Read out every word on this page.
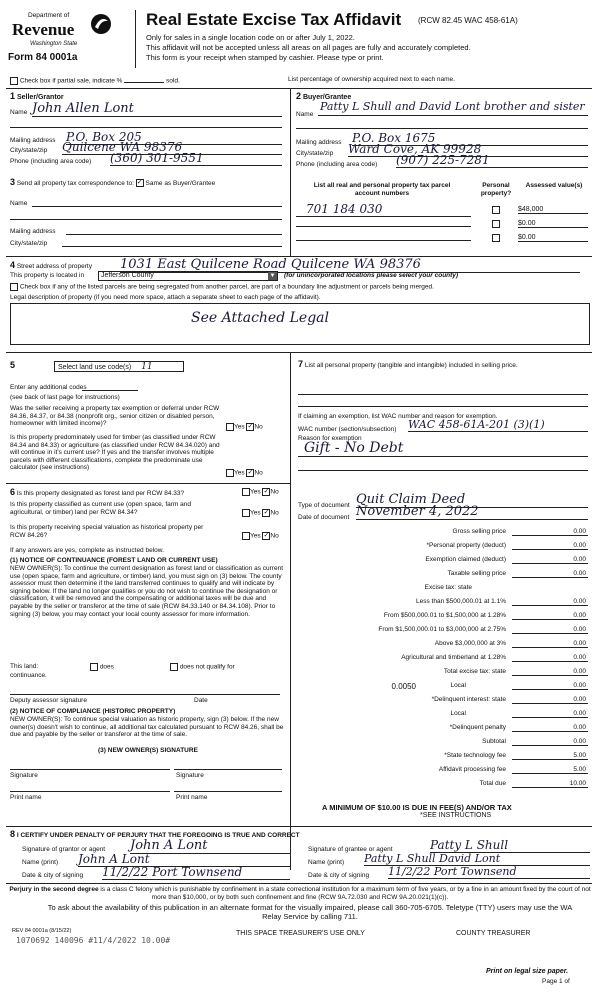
Department of
Revenue
Washington State
Form 84 0001a
Real Estate Excise Tax Affidavit (RCW 82.45 WAC 458-61A)
Only for sales in a single location code on or after July 1, 2022.
This affidavit will not be accepted unless all areas on all pages are fully and accurately completed.
This form is your receipt when stamped by cashier. Please type or print.
Check box if partial sale, indicate %	sold.	List percentage of ownership acquired next to each name.
1 Seller/Grantor
Name John Allen Lont
Mailing address P.O. Box 205
City/state/zip Quilcene WA 98376
Phone (including area code) (360) 301-9551
2 Buyer/Grantee
Name
Patty L Shull and David Lont brother and sister
Mailing address P.O. Box 1675
City/state/zip Ward Cove, AK 99928
Phone (including area code) (907) 225-7281
3 Send all property tax correspondence to: ✓ Same as Buyer/Grantee
Name
Mailing address
City/state/zip
List all real and personal property tax parcel account numbers
Personal property?
Assessed value(s)
701 184 030	$48,000
$0.00
$0.00
4 Street address of property 1031 East Quilcene Road Quilcene WA 98376
This property is located in	Jefferson County	▼ (for unincorporated locations please select your county)
Check box if any of the listed parcels are being segregated from another parcel, are part of a boundary line adjustment or parcels being merged.
Legal description of property (if you need more space, attach a separate sheet to each page of the affidavit).
See Attached Legal
5	Select land use code(s) 11
Enter any additional codes
(see back of last page for instructions)
Was the seller receiving a property tax exemption or deferral under RCW 84.36, 84.37, or 84.38 (nonprofit org., senior citizen or disabled person, homeowner with limited income)?
Yes ✓No
Is this property predominately used for timber (as classified under RCW 84.34 and 84.33) or agriculture (as classified under RCW 84.34.020) and will continue in it's current use? If yes and the transfer involves multiple parcels with different classifications, complete the predominate use calculator (see instructions)
Yes ✓No
6 Is this property designated as forest land per RCW 84.33?	Yes ✓No
Is this property classified as current use (open space, farm and agricultural, or timber) land per RCW 84.34?	Yes ✓No
Is this property receiving special valuation as historical property per RCW 84.26?	Yes ✓No
If any answers are yes, complete as instructed below.
(1) NOTICE OF CONTINUANCE (FOREST LAND OR CURRENT USE)
NEW OWNER(S): To continue the current designation as forest land or classification as current use (open space, farm and agriculture, or timber) land, you must sign on (3) below. The county assessor must then determine if the land transferred continues to qualify and will indicate by signing below. If the land no longer qualifies or you do not wish to continue the designation or classification, it will be removed and the compensating or additional taxes will be due and payable by the seller or transferor at the time of sale (RCW 84.33.140 or 84.34.108). Prior to signing (3) below, you may contact your local county assessor for more information.
This land:	does	does not qualify for
continuance.
Deputy assessor signature	Date
(2) NOTICE OF COMPLIANCE (HISTORIC PROPERTY)
NEW OWNER(S): To continue special valuation as historic property, sign (3) below. If the new owner(s) doesn't wish to continue, all additional tax calculated pursuant to RCW 84.26, shall be due and payable by the seller or transferor at the time of sale.
(3) NEW OWNER(S) SIGNATURE
Signature	Signature
Print name	Print name
7 List all personal property (tangible and intangible) included in selling price.
If claiming an exemption, list WAC number and reason for exemption.
WAC number (section/subsection) WAC 458-61A-201 (3)(1)
Reason for exemption
Gift - No Debt
Type of document Quit Claim Deed
Date of document November 4, 2022
Gross selling price	0.00
*Personal property (deduct)	0.00
Exemption claimed (deduct)	0.00
Taxable selling price	0.00
Excise tax: state
Less than $500,000.01 at 1.1%	0.00
From $500,000.01 to $1,500,000 at 1.28%	0.00
From $1,500,000.01 to $3,000,000 at 2.75%	0.00
Above $3,000,000 at 3%	0.00
Agricultural and timberland at 1.28%	0.00
Total excise tax: state	0.00
0.0050	Local	0.00
*Delinquent interest: state	0.00
Local	0.00
*Delinquent penalty	0.00
Subtotal	0.00
*State technology fee	5.00
Affidavit processing fee	5.00
Total due	10.00
A MINIMUM OF $10.00 IS DUE IN FEE(S) AND/OR TAX
*SEE INSTRUCTIONS
8 I CERTIFY UNDER PENALTY OF PERJURY THAT THE FOREGOING IS TRUE AND CORRECT
Signature of grantor or agent John A Lont
Name (print) John A Lont
Date & city of signing 11/2/22 Port Townsend
Signature of grantee or agent	Patty L Shull
Name (print) Patty L Shull David Lont
Date & city of signing 11/2/22 Port Townsend
Perjury in the second degree is a class C felony which is punishable by confinement in a state correctional institution for a maximum term of five years, or by a fine in an amount fixed by the court of not more than $10,000, or by both such confinement and fine (RCW 9A.72.030 and RCW 9A.20.021(1)(c)).
To ask about the availability of this publication in an alternate format for the visually impaired, please call 360-705-6705. Teletype (TTY) users may use the WA Relay Service by calling 711.
REV 84 0001a (8/15/22)
1070692 140096 #11/4/2022 10.00#
THIS SPACE TREASURER'S USE ONLY	COUNTY TREASURER
Print on legal size paper.
Page 1 of
